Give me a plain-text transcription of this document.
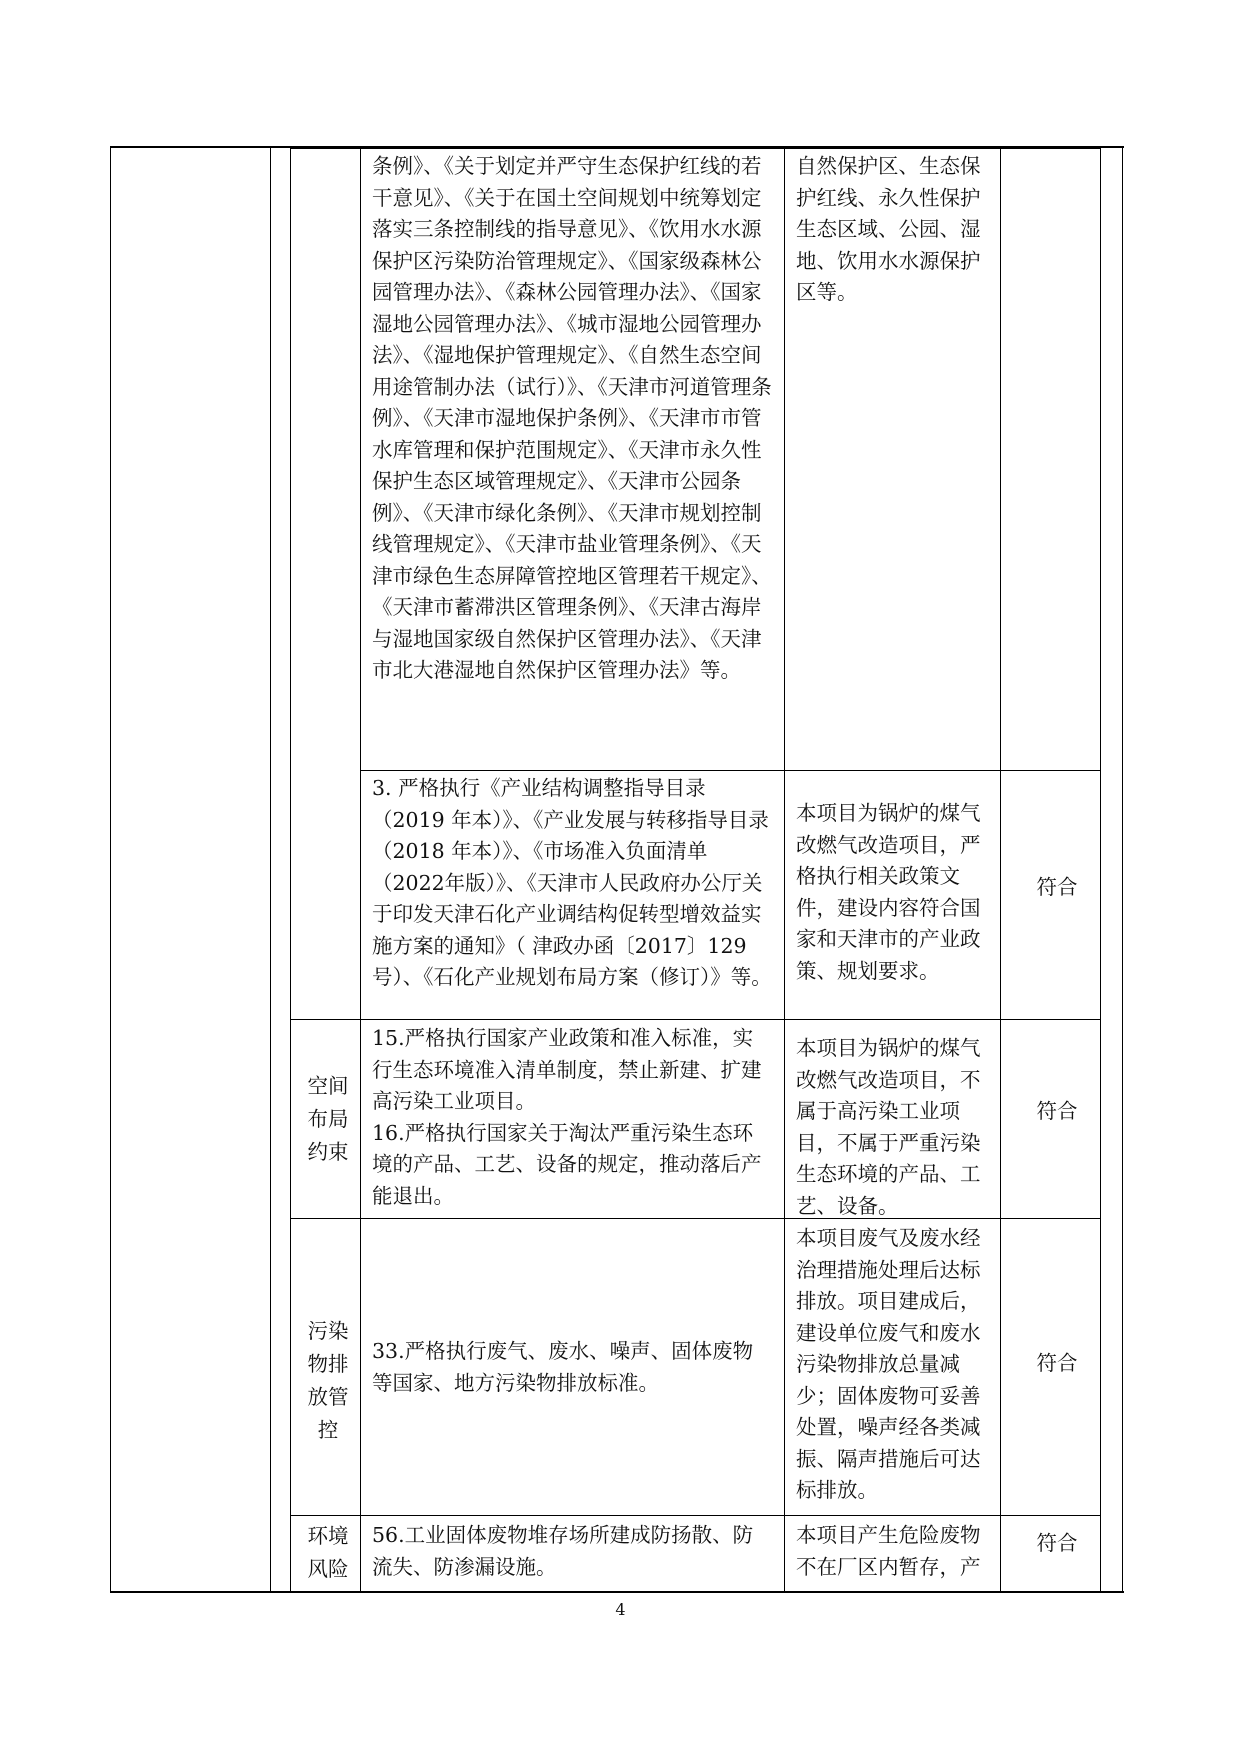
条例》、《关于划定并严守生态保护红线的若干意见》、《关于在国土空间规划中统筹划定落实三条控制线的指导意见》、《饮用水水源保护区污染防治管理规定》、《国家级森林公园管理办法》、《森林公园管理办法》、《国家湿地公园管理办法》、《城市湿地公园管理办法》、《湿地保护管理规定》、《自然生态空间用途管制办法（试行）》、《天津市河道管理条例》、《天津市湿地保护条例》、《天津市市管水库管理和保护范围规定》、《天津市永久性保护生态区域管理规定》、《天津市公园条例》、《天津市绿化条例》、《天津市规划控制线管理规定》、《天津市盐业管理条例》、《天津市绿色生态屏障管控地区管理若干规定》、《天津市蓄滞洪区管理条例》、《天津古海岸与湿地国家级自然保护区管理办法》、《天津市北大港湿地自然保护区管理办法》等。
自然保护区、生态保护红线、永久性保护生态区域、公园、湿地、饮用水水源保护区等。
3. 严格执行《产业结构调整指导目录（2019 年本）》、《产业发展与转移指导目录（2018 年本）》、《市场准入负面清单（2022年版）》、《天津市人民政府办公厅关于印发天津石化产业调结构促转型增效益实施方案的通知》（ 津政办函〔2017〕129 号）、《石化产业规划布局方案（修订）》等。
本项目为锅炉的煤气改燃气改造项目，严格执行相关政策文件，建设内容符合国家和天津市的产业政策、规划要求。
符合
空间布局约束
15.严格执行国家产业政策和准入标准，实行生态环境准入清单制度，禁止新建、扩建高污染工业项目。
16.严格执行国家关于淘汰严重污染生态环境的产品、工艺、设备的规定，推动落后产能退出。
本项目为锅炉的煤气改燃气改造项目，不属于高污染工业项目，不属于严重污染生态环境的产品、工艺、设备。
符合
污染物排放管控
33.严格执行废气、废水、噪声、固体废物等国家、地方污染物排放标准。
本项目废气及废水经治理措施处理后达标排放。项目建成后，建设单位废气和废水污染物排放总量减少；固体废物可妥善处置，噪声经各类减振、隔声措施后可达标排放。
符合
环境风险
56.工业固体废物堆存场所建成防扬散、防流失、防渗漏设施。
本项目产生危险废物不在厂区内暂存，产
符合
4
